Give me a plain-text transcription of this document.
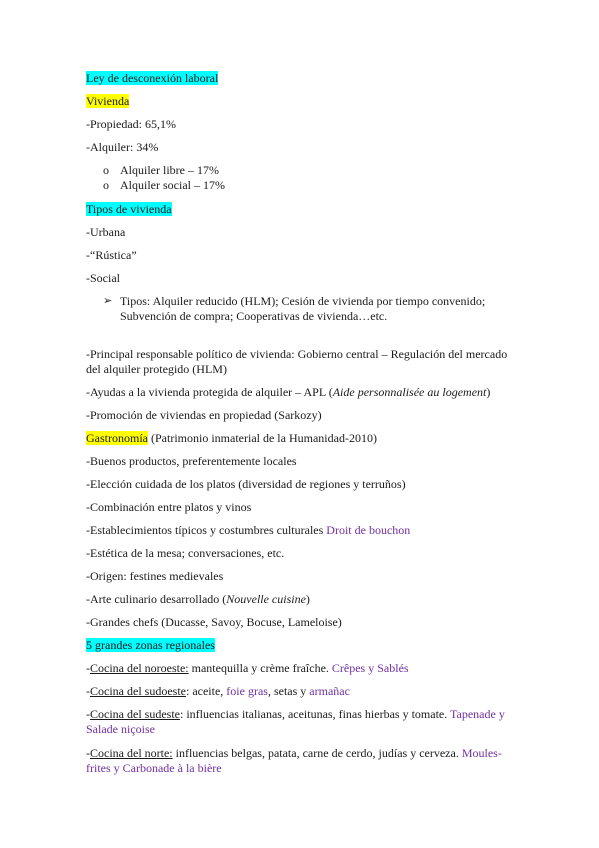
Ley de desconexión laboral
Vivienda
-Propiedad: 65,1%
-Alquiler: 34%
o Alquiler libre – 17%
o Alquiler social – 17%
Tipos de vivienda
-Urbana
-“Rústica”
-Social
➢ Tipos: Alquiler reducido (HLM); Cesión de vivienda por tiempo convenido;
Subvención de compra; Cooperativas de vivienda…etc.
-Principal responsable político de vivienda: Gobierno central – Regulación del mercado
del alquiler protegido (HLM)
-Ayudas a la vivienda protegida de alquiler – APL (Aide personnalisée au logement)
-Promoción de viviendas en propiedad (Sarkozy)
Gastronomía (Patrimonio inmaterial de la Humanidad-2010)
-Buenos productos, preferentemente locales
-Elección cuidada de los platos (diversidad de regiones y terruños)
-Combinación entre platos y vinos
-Establecimientos típicos y costumbres culturales Droit de bouchon
-Estética de la mesa; conversaciones, etc.
-Origen: festines medievales
-Arte culinario desarrollado (Nouvelle cuisine)
-Grandes chefs (Ducasse, Savoy, Bocuse, Lameloise)
5 grandes zonas regionales
-Cocina del noroeste: mantequilla y crème fraîche. Crêpes y Sablés
-Cocina del sudoeste: aceite, foie gras, setas y armañac
-Cocina del sudeste: influencias italianas, aceitunas, finas hierbas y tomate. Tapenade y
Salade niçoise
-Cocina del norte: influencias belgas, patata, carne de cerdo, judías y cerveza. Moules-
frites y Carbonade à la bière
